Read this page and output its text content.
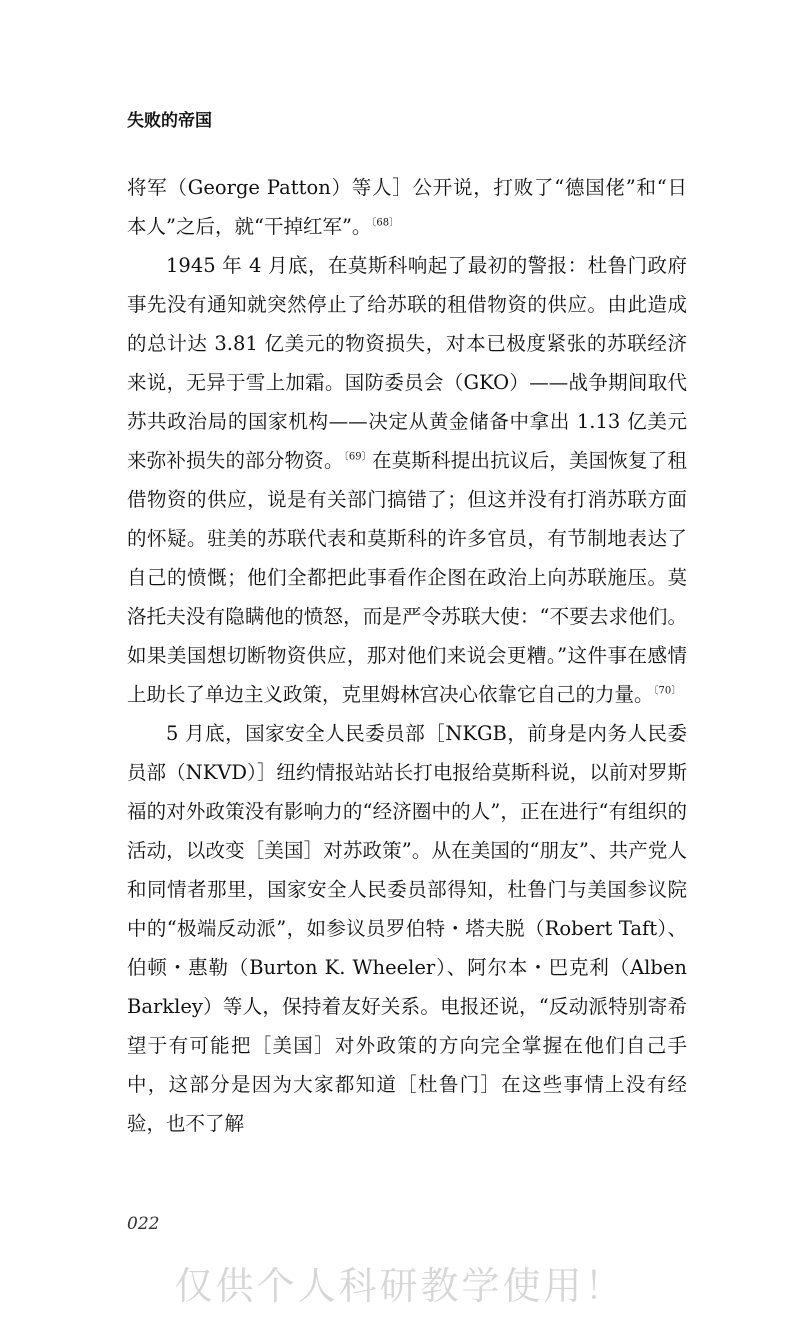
失败的帝国

将军（George Patton）等人］公开说，打败了“德国佬”和“日本人”之后，就“干掉红军”。$^{〔68〕}$

1945 年 4 月底，在莫斯科响起了最初的警报：杜鲁门政府事先没有通知就突然停止了给苏联的租借物资的供应。由此造成的总计达 3.81 亿美元的物资损失，对本已极度紧张的苏联经济来说，无异于雪上加霜。国防委员会（GKO）——战争期间取代苏共政治局的国家机构——决定从黄金储备中拿出 1.13 亿美元来弥补损失的部分物资。$^{〔69〕}$在莫斯科提出抗议后，美国恢复了租借物资的供应，说是有关部门搞错了；但这并没有打消苏联方面的怀疑。驻美的苏联代表和莫斯科的许多官员，有节制地表达了自己的愤慨；他们全都把此事看作企图在政治上向苏联施压。莫洛托夫没有隐瞒他的愤怒，而是严令苏联大使：“不要去求他们。如果美国想切断物资供应，那对他们来说会更糟。”这件事在感情上助长了单边主义政策，克里姆林宫决心依靠它自己的力量。$^{〔70〕}$

5 月底，国家安全人民委员部［NKGB，前身是内务人民委员部（NKVD）］纽约情报站站长打电报给莫斯科说，以前对罗斯福的对外政策没有影响力的“经济圈中的人”，正在进行“有组织的活动，以改变［美国］对苏政策”。从在美国的“朋友”、共产党人和同情者那里，国家安全人民委员部得知，杜鲁门与美国参议院中的“极端反动派”，如参议员罗伯特・塔夫脱（Robert Taft）、伯顿・惠勒（Burton K. Wheeler）、阿尔本・巴克利（Alben Barkley）等人，保持着友好关系。电报还说，“反动派特别寄希望于有可能把［美国］对外政策的方向完全掌握在他们自己手中，这部分是因为大家都知道［杜鲁门］在这些事情上没有经验，也不了解

022
仅供个人科研教学使用！
